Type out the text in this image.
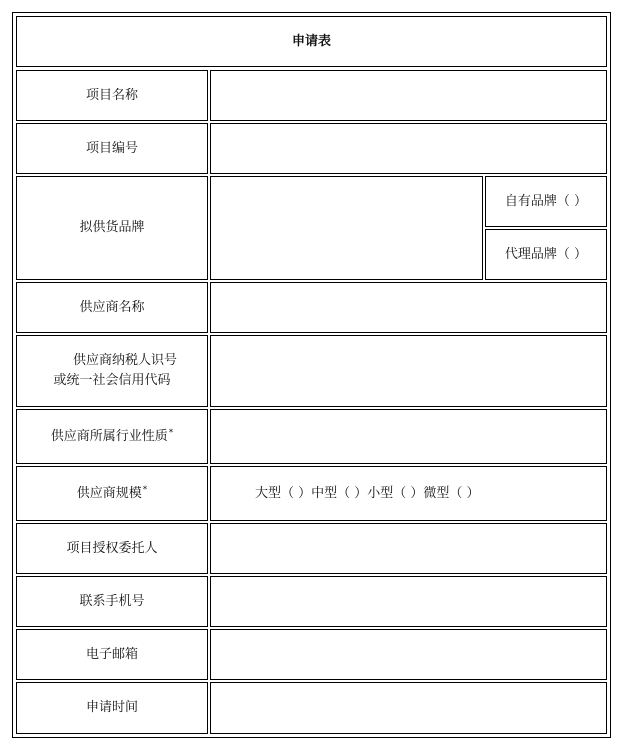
申请表
项目名称
项目编号
拟供货品牌
自有品牌（ ）
代理品牌（ ）
供应商名称
供应商纳税人识号
或统一社会信用代码
供应商所属行业性质*
供应商规模*	大型（ ）中型（ ）小型（ ）微型（ ）
项目授权委托人
联系手机号
电子邮箱
申请时间
